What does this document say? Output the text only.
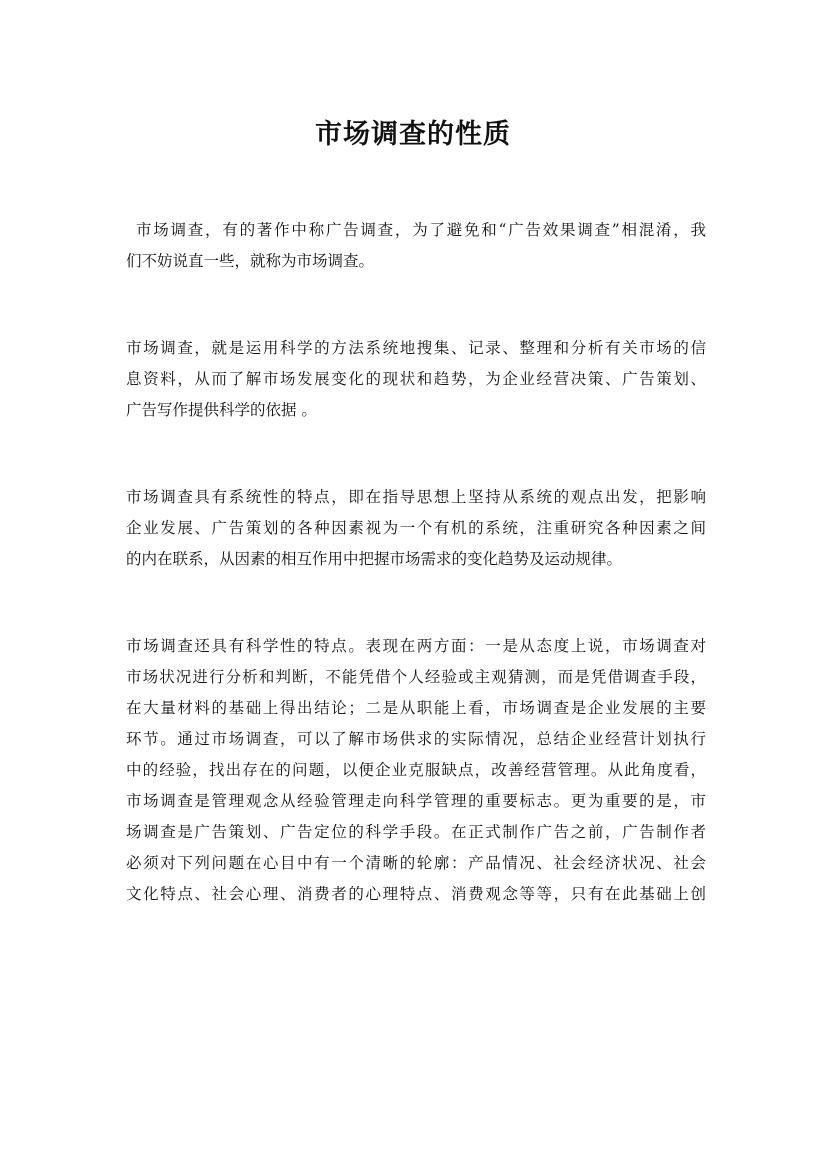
市场调查的性质

市场调查，有的著作中称广告调查，为了避免和“广告效果调查”相混淆，我
们不妨说直一些，就称为市场调查。

市场调查，就是运用科学的方法系统地搜集、记录、整理和分析有关市场的信
息资料，从而了解市场发展变化的现状和趋势，为企业经营决策、广告策划、
广告写作提供科学的依据 。

市场调查具有系统性的特点，即在指导思想上坚持从系统的观点出发，把影响
企业发展、广告策划的各种因素视为一个有机的系统，注重研究各种因素之间
的内在联系，从因素的相互作用中把握市场需求的变化趋势及运动规律。

市场调查还具有科学性的特点。表现在两方面：一是从态度上说，市场调查对
市场状况进行分析和判断，不能凭借个人经验或主观猜测，而是凭借调查手段，
在大量材料的基础上得出结论；二是从职能上看，市场调查是企业发展的主要
环节。通过市场调查，可以了解市场供求的实际情况，总结企业经营计划执行
中的经验，找出存在的问题，以便企业克服缺点，改善经营管理。从此角度看，
市场调查是管理观念从经验管理走向科学管理的重要标志。更为重要的是，市
场调查是广告策划、广告定位的科学手段。在正式制作广告之前，广告制作者
必须对下列问题在心目中有一个清晰的轮廓：产品情况、社会经济状况、社会
文化特点、社会心理、消费者的心理特点、消费观念等等，只有在此基础上创
